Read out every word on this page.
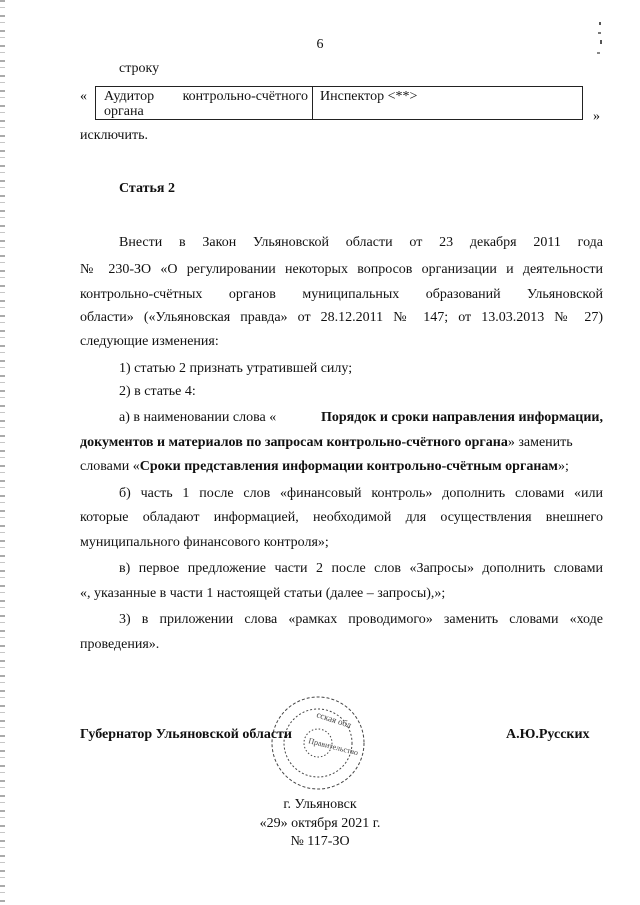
6
строку
« Аудитор контрольно-счётного
органа
Инспектор <**>
»
исключить.
Статья 2
Внести в Закон Ульяновской области от 23 декабря 2011 года
№ 230-ЗО «О регулировании некоторых вопросов организации и деятельности
контрольно-счётных органов муниципальных образований Ульяновской
области» («Ульяновская правда» от 28.12.2011 № 147; от 13.03.2013 № 27)
следующие изменения:
1) статью 2 признать утратившей силу;
2) в статье 4:
а) в наименовании слова «	Порядок и сроки направления информации,
документов и материалов по запросам контрольно-счётного органа» заменить
словами «Сроки представления информации контрольно-счётным органам»;
б) часть 1 после слов «финансовый контроль» дополнить словами «или
которые обладают информацией, необходимой для осуществления внешнего
муниципального финансового контроля»;
в) первое предложение части 2 после слов «Запросы» дополнить словами
«, указанные в части 1 настоящей статьи (далее – запросы),»;
3) в приложении слова «рамках проводимого» заменить словами «ходе
проведения».
сская обл
Правительство
Губернатор Ульяновской области	А.Ю.Русских
г. Ульяновск
«29» октября 2021 г.
№ 117-ЗО
